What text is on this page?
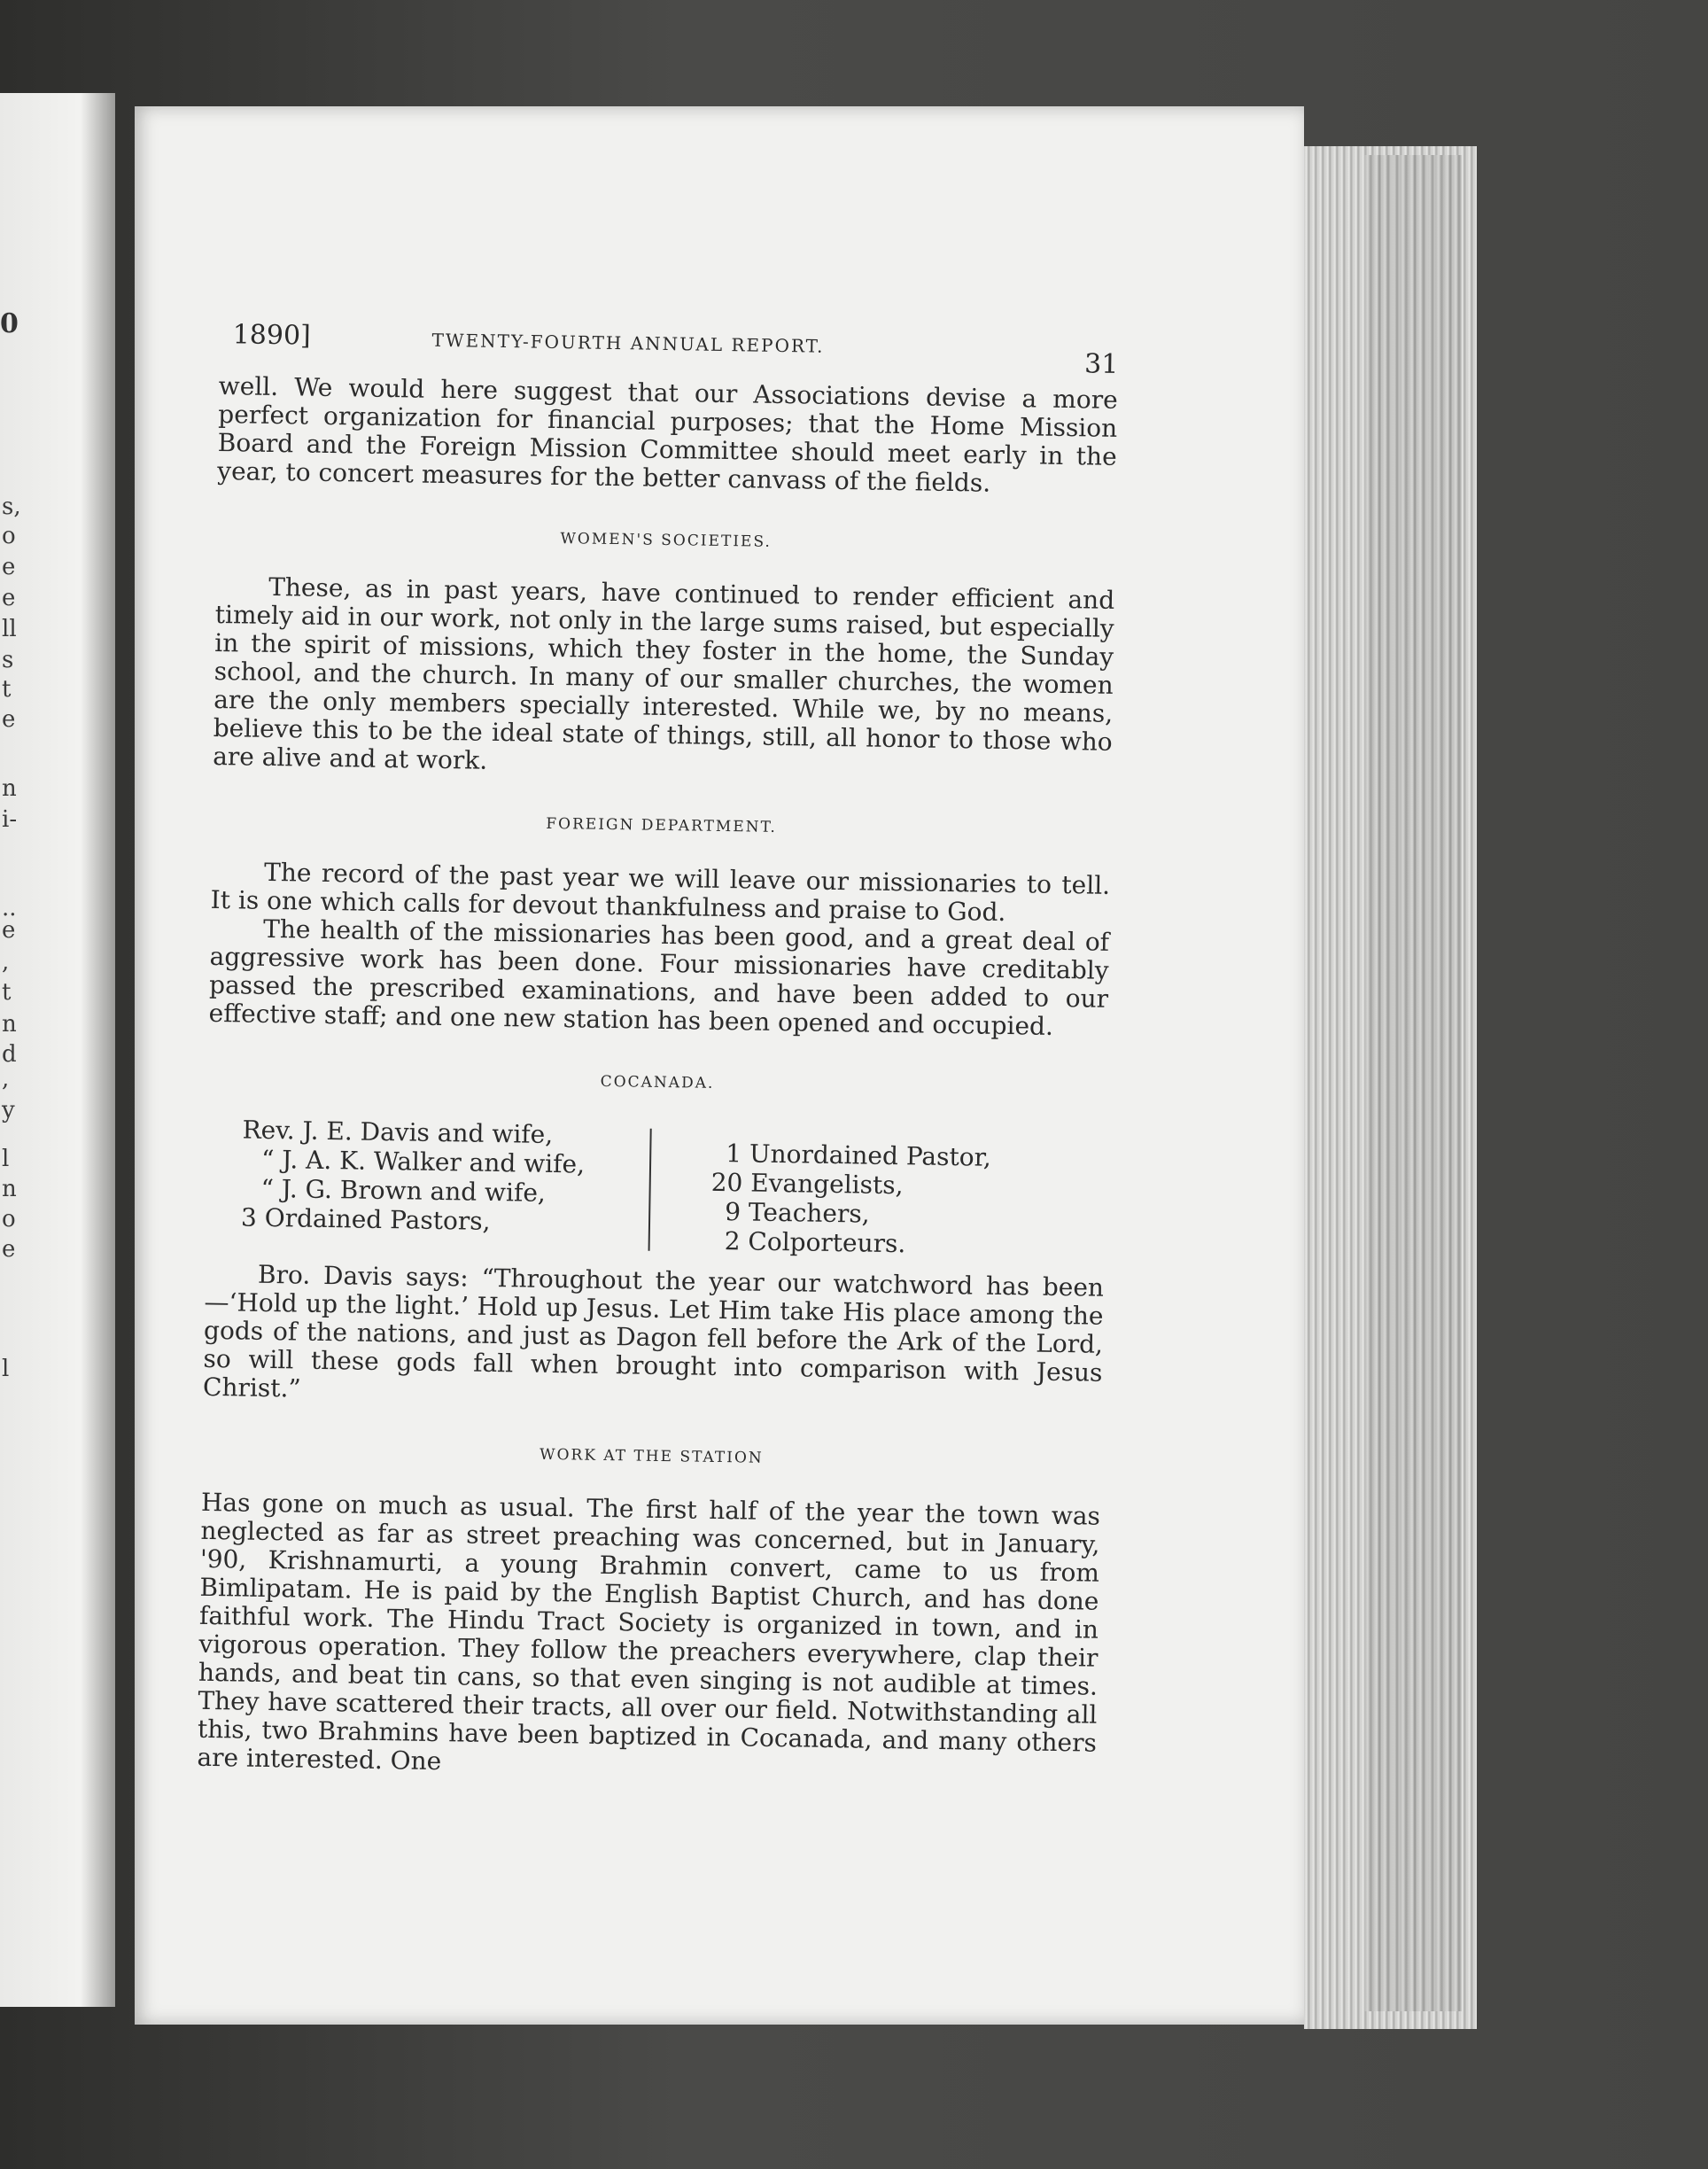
0
s,
o
e
e
ll
s
t
e
n
i-
..
e
,
t
n
d
,
y
l
n
o
e
l
1890]	TWENTY-FOURTH ANNUAL REPORT.
31

well. We would here suggest that our Associations devise a more perfect organization for financial purposes; that the Home Mission Board and the Foreign Mission Committee should meet early in the year, to concert measures for the better canvass of the fields.

WOMEN'S SOCIETIES.

These, as in past years, have continued to render efficient and timely aid in our work, not only in the large sums raised, but especially in the spirit of missions, which they foster in the home, the Sunday school, and the church. In many of our smaller churches, the women are the only members specially interested. While we, by no means, believe this to be the ideal state of things, still, all honor to those who are alive and at work.

FOREIGN DEPARTMENT.

The record of the past year we will leave our missionaries to tell. It is one which calls for devout thankfulness and praise to God.

The health of the missionaries has been good, and a great deal of aggressive work has been done. Four missionaries have creditably passed the prescribed examinations, and have been added to our effective staff; and one new station has been opened and occupied.

COCANADA.
Rev. J. E. Davis and wife,
“ J. A. K. Walker and wife,
“ J. G. Brown and wife,
3 Ordained Pastors,
1 Unordained Pastor,
20 Evangelists,
9 Teachers,
2 Colporteurs.

Bro. Davis says: “Throughout the year our watchword has been—‘Hold up the light.’ Hold up Jesus. Let Him take His place among the gods of the nations, and just as Dagon fell before the Ark of the Lord, so will these gods fall when brought into comparison with Jesus Christ.”

WORK AT THE STATION

Has gone on much as usual. The first half of the year the town was neglected as far as street preaching was concerned, but in January, '90, Krishnamurti, a young Brahmin convert, came to us from Bimlipatam. He is paid by the English Baptist Church, and has done faithful work. The Hindu Tract Society is organized in town, and in vigorous operation. They follow the preachers everywhere, clap their hands, and beat tin cans, so that even singing is not audible at times. They have scattered their tracts, all over our field. Notwithstanding all this, two Brahmins have been baptized in Cocanada, and many others are interested. One
